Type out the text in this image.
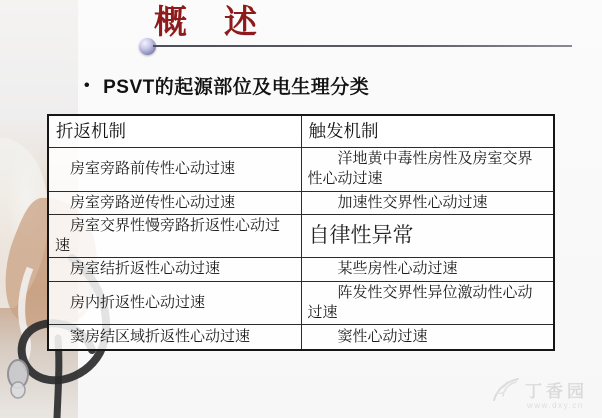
概　述
• PSVT的起源部位及电生理分类
折返机制	触发机制
房室旁路前传性心动过速	洋地黄中毒性房性及房室交界性心动过速
房室旁路逆传性心动过速	加速性交界性心动过速
房室交界性慢旁路折返性心动过速	自律性异常
房室结折返性心动过速	某些房性心动过速
房内折返性心动过速	阵发性交界性异位激动性心动过速
窦房结区域折返性心动过速	窦性心动过速
丁香园
www.dxy.cn
